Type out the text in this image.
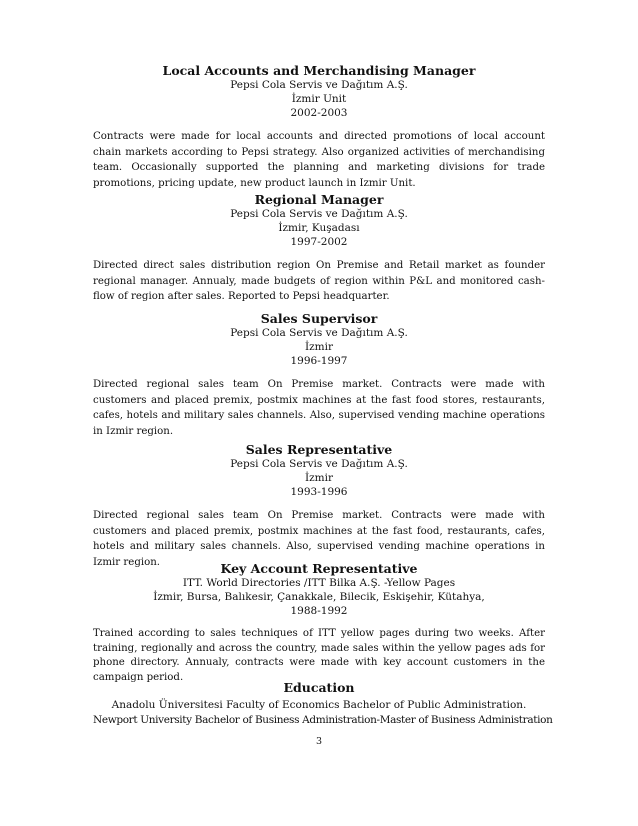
Local Accounts and Merchandising Manager
Pepsi Cola Servis ve Dağıtım A.Ş.
İzmir Unit
2002-2003
Contracts were made for local accounts and directed promotions of local account chain markets according to Pepsi strategy. Also organized activities of merchandising team. Occasionally supported the planning and marketing divisions for trade promotions, pricing update, new product launch in Izmir Unit.
Regional Manager
Pepsi Cola Servis ve Dağıtım A.Ş.
İzmir, Kuşadası
1997-2002
Directed direct sales distribution region On Premise and Retail market as founder regional manager. Annualy, made budgets of region within P&L and monitored cash-flow of region after sales. Reported to Pepsi headquarter.
Sales Supervisor
Pepsi Cola Servis ve Dağıtım A.Ş.
İzmir
1996-1997
Directed regional sales team On Premise market. Contracts were made with customers and placed premix, postmix machines at the fast food stores, restaurants, cafes, hotels and military sales channels. Also, supervised vending machine operations in Izmir region.
Sales Representative
Pepsi Cola Servis ve Dağıtım A.Ş.
İzmir
1993-1996
Directed regional sales team On Premise market. Contracts were made with customers and placed premix, postmix machines at the fast food, restaurants, cafes, hotels and military sales channels. Also, supervised vending machine operations in Izmir region.	Key Account Representative
ITT. World Directories /ITT Bilka A.Ş. -Yellow Pages
İzmir, Bursa, Balıkesir, Çanakkale, Bilecik, Eskişehir, Kütahya,
1988-1992
Trained according to sales techniques of ITT yellow pages during two weeks. After training, regionally and across the country, made sales within the yellow pages ads for phone directory. Annualy, contracts were made with key account customers in the campaign period.
Education
Anadolu Üniversitesi Faculty of Economics Bachelor of Public Administration.
Newport University Bachelor of Business Administration-Master of Business Administration
3
